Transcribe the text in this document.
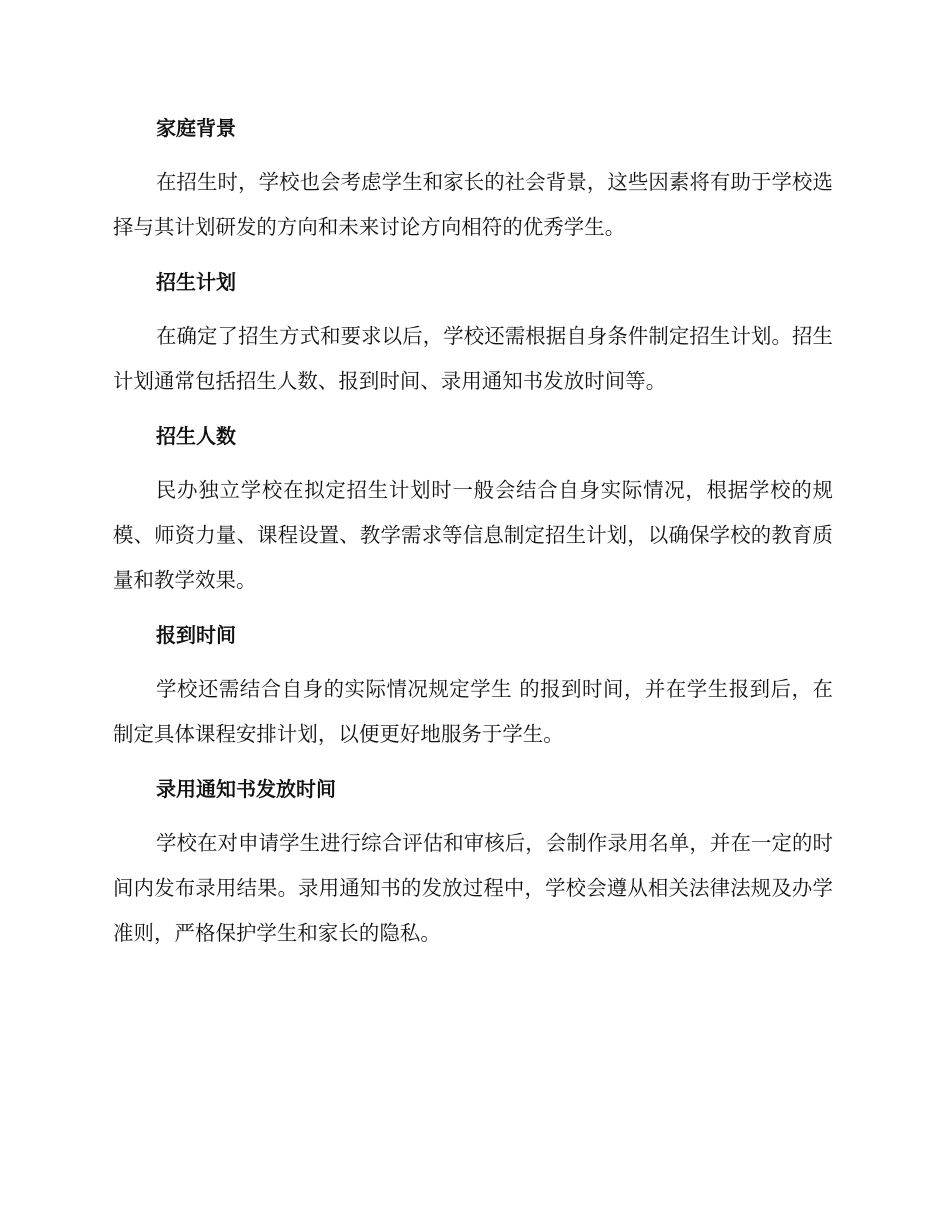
家庭背景

在招生时，学校也会考虑学生和家长的社会背景，这些因素将有助于学校选择与其计划研发的方向和未来讨论方向相符的优秀学生。

招生计划

在确定了招生方式和要求以后，学校还需根据自身条件制定招生计划。招生计划通常包括招生人数、报到时间、录用通知书发放时间等。

招生人数

民办独立学校在拟定招生计划时一般会结合自身实际情况，根据学校的规模、师资力量、课程设置、教学需求等信息制定招生计划，以确保学校的教育质量和教学效果。

报到时间

学校还需结合自身的实际情况规定学生 的报到时间，并在学生报到后，在制定具体课程安排计划，以便更好地服务于学生。

录用通知书发放时间

学校在对申请学生进行综合评估和审核后，会制作录用名单，并在一定的时间内发布录用结果。录用通知书的发放过程中，学校会遵从相关法律法规及办学准则，严格保护学生和家长的隐私。
